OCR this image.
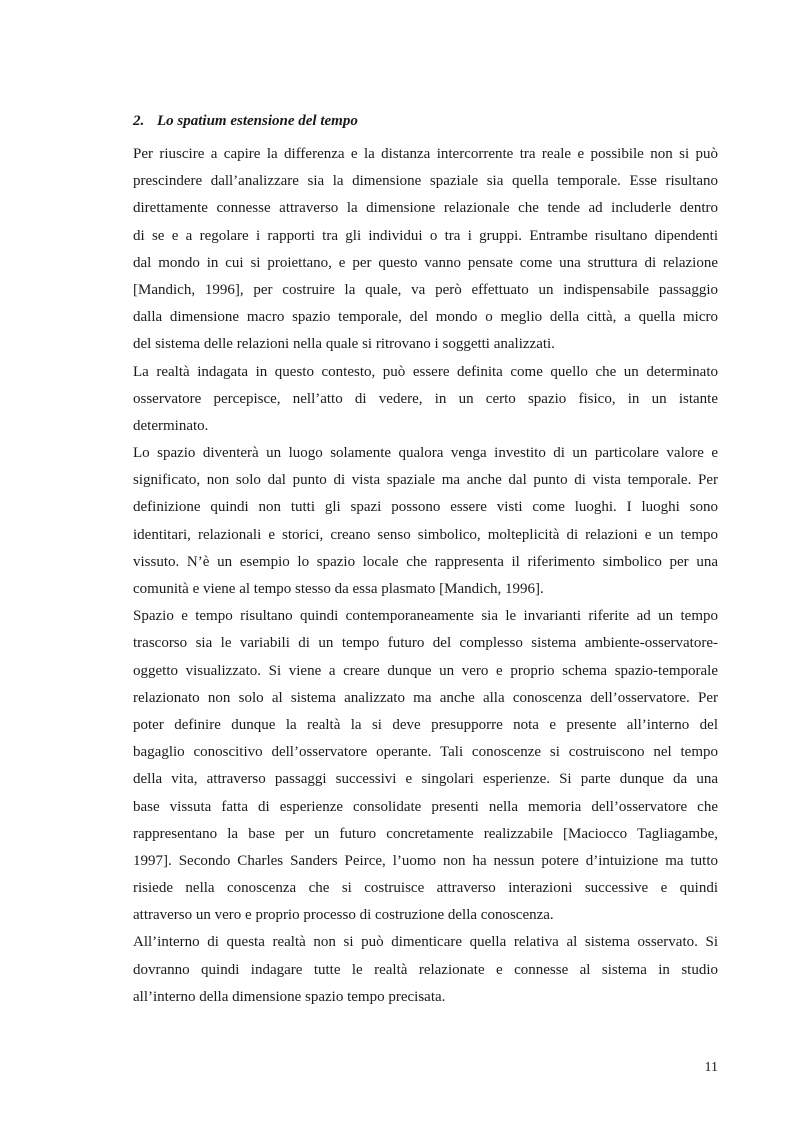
2. Lo spatium estensione del tempo
Per riuscire a capire la differenza e la distanza intercorrente tra reale e possibile non si può
prescindere dall’analizzare sia la dimensione spaziale sia quella temporale. Esse risultano
direttamente connesse attraverso la dimensione relazionale che tende ad includerle dentro
di se e a regolare i rapporti tra gli individui o tra i gruppi. Entrambe risultano dipendenti
dal mondo in cui si proiettano, e per questo vanno pensate come una struttura di relazione
[Mandich, 1996], per costruire la quale, va però effettuato un indispensabile passaggio
dalla dimensione macro spazio temporale, del mondo o meglio della città, a quella micro
del sistema delle relazioni nella quale si ritrovano i soggetti analizzati.
La realtà indagata in questo contesto, può essere definita come quello che un determinato
osservatore percepisce, nell’atto di vedere, in un certo spazio fisico, in un istante
determinato.
Lo spazio diventerà un luogo solamente qualora venga investito di un particolare valore e
significato, non solo dal punto di vista spaziale ma anche dal punto di vista temporale. Per
definizione quindi non tutti gli spazi possono essere visti come luoghi. I luoghi sono
identitari, relazionali e storici, creano senso simbolico, molteplicità di relazioni e un tempo
vissuto. N’è un esempio lo spazio locale che rappresenta il riferimento simbolico per una
comunità e viene al tempo stesso da essa plasmato [Mandich, 1996].
Spazio e tempo risultano quindi contemporaneamente sia le invarianti riferite ad un tempo
trascorso sia le variabili di un tempo futuro del complesso sistema ambiente-osservatore-
oggetto visualizzato. Si viene a creare dunque un vero e proprio schema spazio-temporale
relazionato non solo al sistema analizzato ma anche alla conoscenza dell’osservatore. Per
poter definire dunque la realtà la si deve presupporre nota e presente all’interno del
bagaglio conoscitivo dell’osservatore operante. Tali conoscenze si costruiscono nel tempo
della vita, attraverso passaggi successivi e singolari esperienze. Si parte dunque da una
base vissuta fatta di esperienze consolidate presenti nella memoria dell’osservatore che
rappresentano la base per un futuro concretamente realizzabile [Maciocco Tagliagambe,
1997]. Secondo Charles Sanders Peirce, l’uomo non ha nessun potere d’intuizione ma tutto
risiede nella conoscenza che si costruisce attraverso interazioni successive e quindi
attraverso un vero e proprio processo di costruzione della conoscenza.
All’interno di questa realtà non si può dimenticare quella relativa al sistema osservato. Si
dovranno quindi indagare tutte le realtà relazionate e connesse al sistema in studio
all’interno della dimensione spazio tempo precisata.
11
